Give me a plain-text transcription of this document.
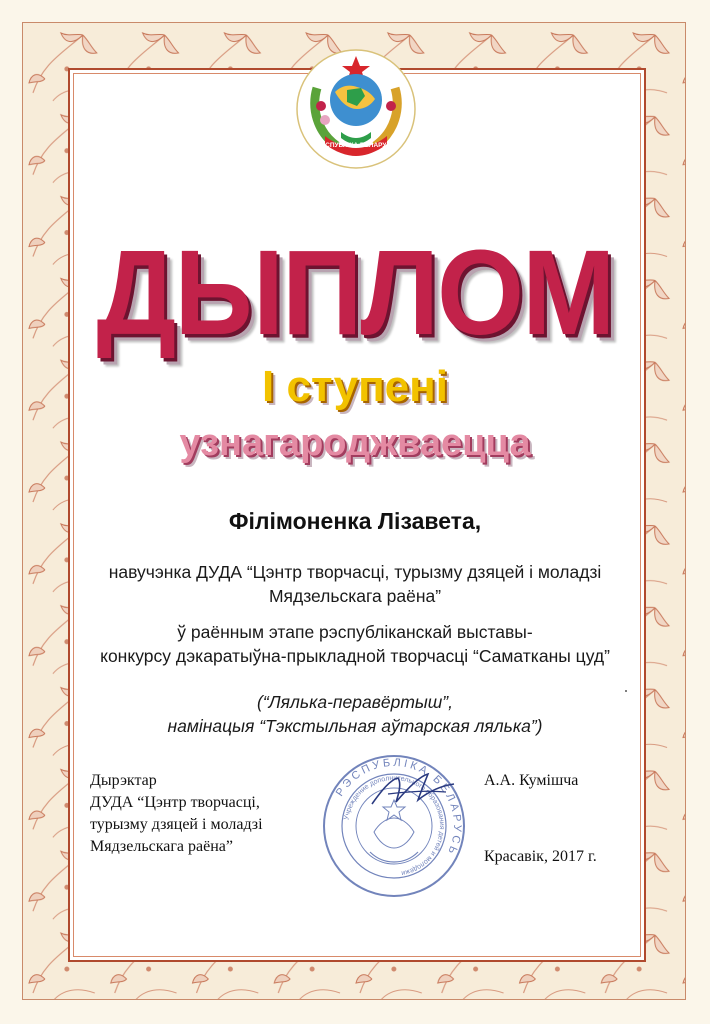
РЭСПУБЛІКА БЕЛАРУСЬ
ДЫПЛОМ
І ступені
узнагароджваецца
Філімоненка Лізавета,
навучэнка ДУДА “Цэнтр творчасці, турызму дзяцей і моладзі
Мядзельскага раёна”
ў раённым этапе рэспубліканскай выставы-
конкурсу дэкаратыўна-прыкладной творчасці “Саматканы цуд”
(“Лялька-перавёртыш”,
намінацыя “Тэкстыльная аўтарская лялька”)
Дырэктар
ДУДА “Цэнтр творчасці,
турызму дзяцей і моладзі
Мядзельскага раёна”
РЭСПУБЛІКА БЕЛАРУСЬ
Учреждение дополнительного образования детей и молодежи
А.А. Кумішча
Красавік, 2017 г.
